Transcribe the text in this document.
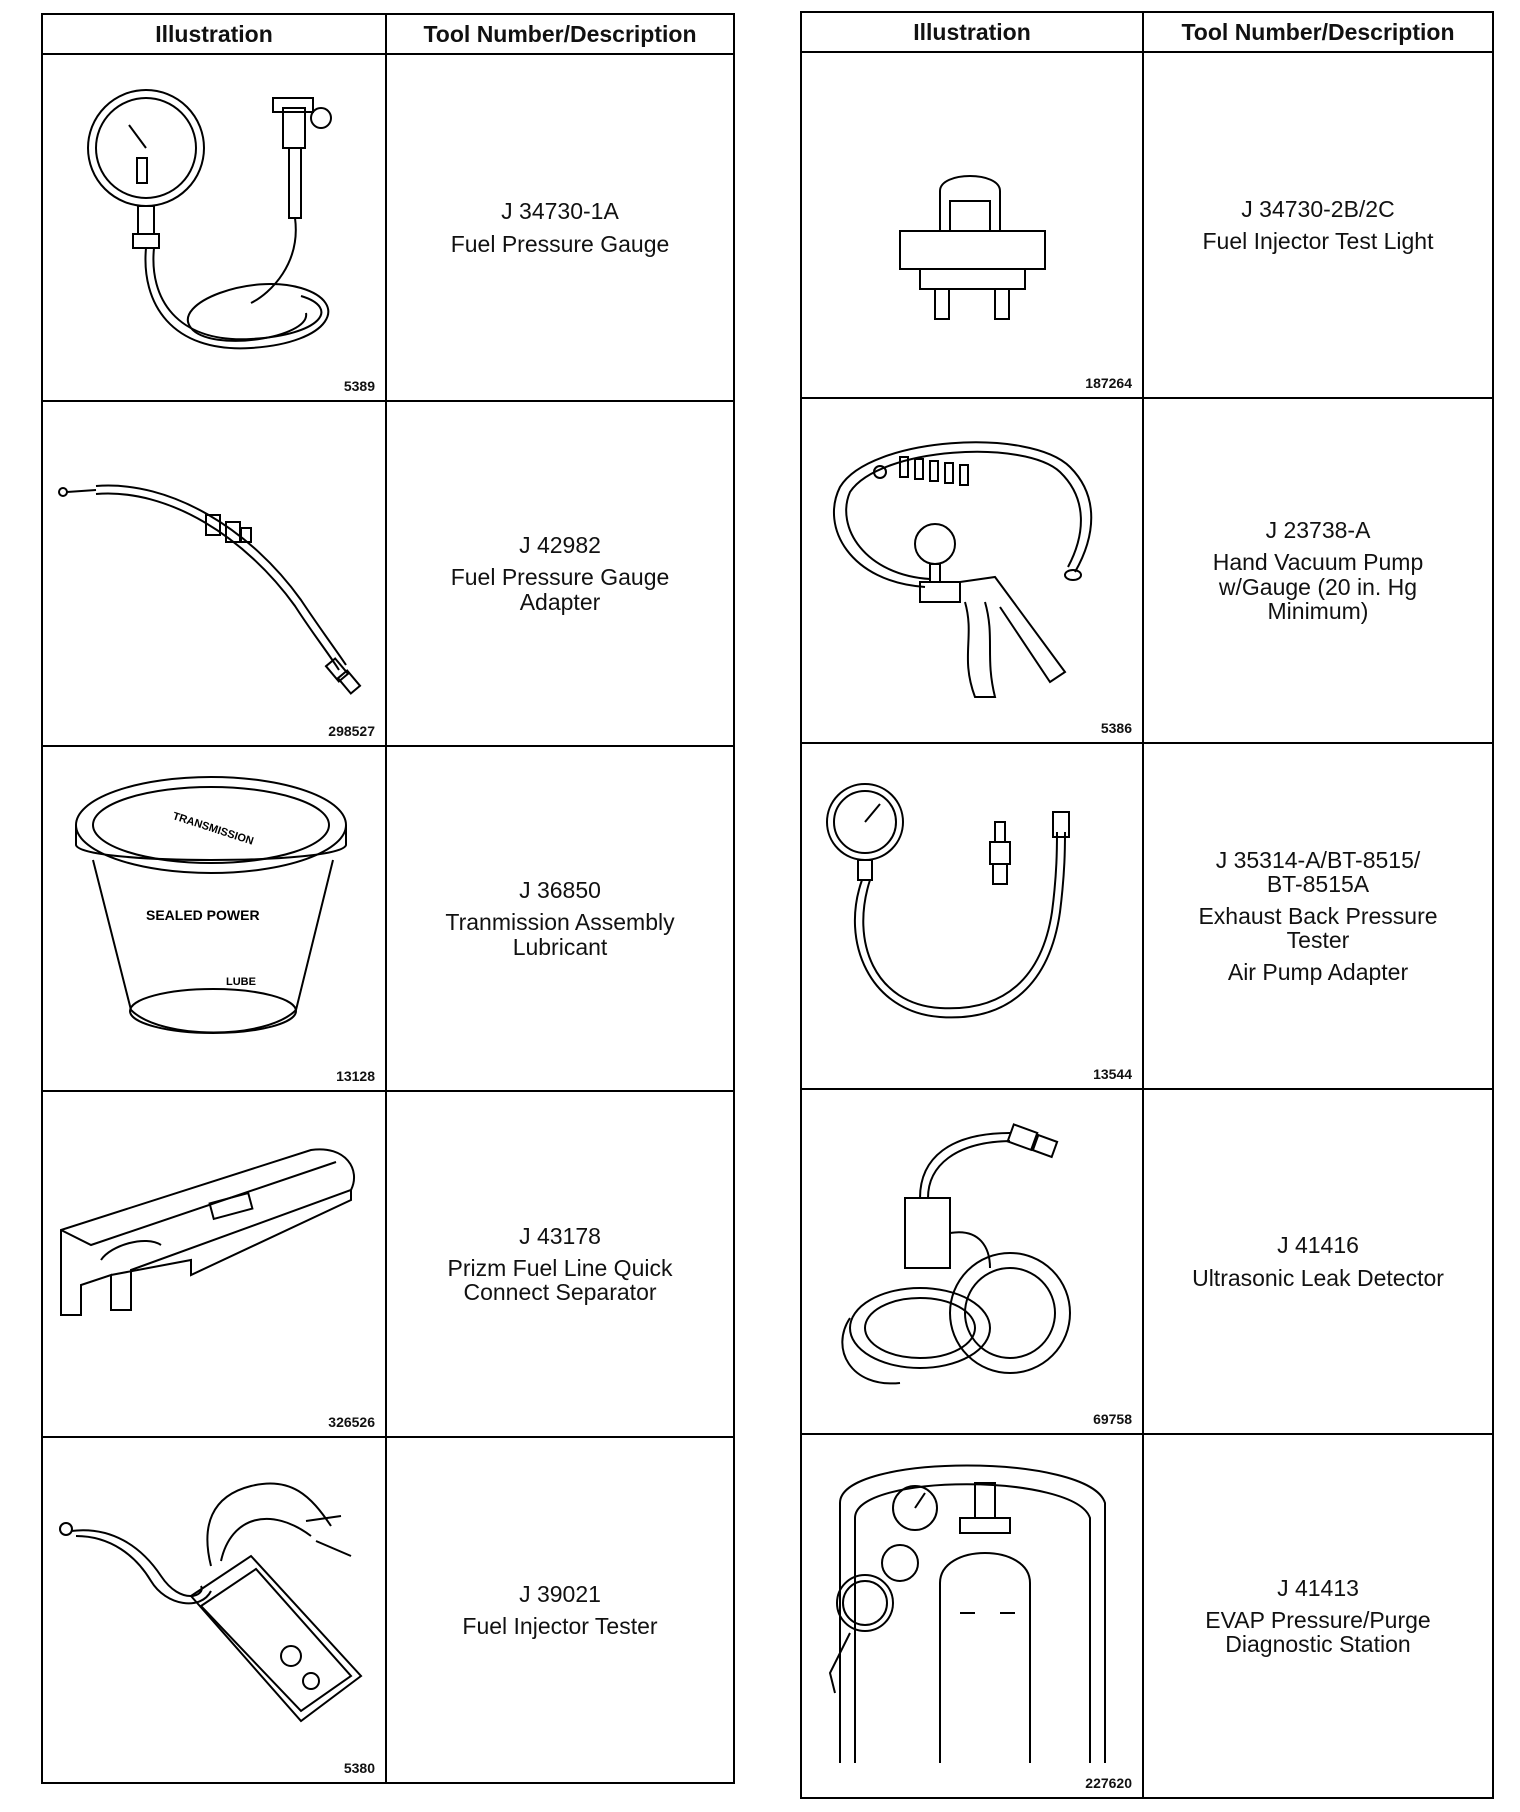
Illustration	Tool Number/Description

5389	J 34730-1A
Fuel Pressure Gauge

298527	J 42982
Fuel Pressure Gauge
Adapter

SEALED POWER
TRANSMISSION
LUBE
13128	J 36850
Tranmission Assembly
Lubricant

326526	J 43178
Prizm Fuel Line Quick
Connect Separator

5380	J 39021
Fuel Injector Tester
Illustration	Tool Number/Description

187264	J 34730-2B/2C
Fuel Injector Test Light

5386	J 23738-A
Hand Vacuum Pump
w/Gauge (20 in. Hg
Minimum)

13544	J 35314-A/BT-8515/
BT-8515A
Exhaust Back Pressure
Tester
Air Pump Adapter

69758	J 41416
Ultrasonic Leak Detector

227620	J 41413
EVAP Pressure/Purge
Diagnostic Station
